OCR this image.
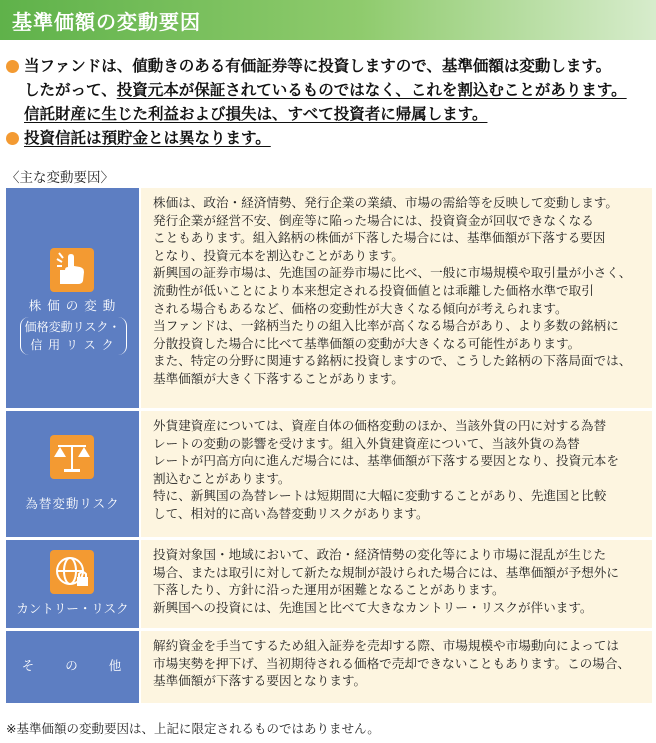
基準価額の変動要因
当ファンドは、値動きのある有価証券等に投資しますので、基準価額は変動します。
したがって、投資元本が保証されているものではなく、これを割込むことがあります。
信託財産に生じた利益および損失は、すべて投資者に帰属します。
投資信託は預貯金とは異なります。
〈主な変動要因〉
株 価 の 変 動
価格変動リスク・
信 用 リ ス ク

株価は、政治・経済情勢、発行企業の業績、市場の需給等を反映して変動します。

発行企業が経営不安、倒産等に陥った場合には、投資資金が回収できなくなる

こともあります。組入銘柄の株価が下落した場合には、基準価額が下落する要因

となり、投資元本を割込むことがあります。

新興国の証券市場は、先進国の証券市場に比べ、一般に市場規模や取引量が小さく、

流動性が低いことにより本来想定される投資価値とは乖離した価格水準で取引

される場合もあるなど、価格の変動性が大きくなる傾向が考えられます。

当ファンドは、一銘柄当たりの組入比率が高くなる場合があり、より多数の銘柄に

分散投資した場合に比べて基準価額の変動が大きくなる可能性があります。

また、特定の分野に関連する銘柄に投資しますので、こうした銘柄の下落局面では、

基準価額が大きく下落することがあります。

為替変動リスク

外貨建資産については、資産自体の価格変動のほか、当該外貨の円に対する為替

レートの変動の影響を受けます。組入外貨建資産について、当該外貨の為替

レートが円高方向に進んだ場合には、基準価額が下落する要因となり、投資元本を

割込むことがあります。

特に、新興国の為替レートは短期間に大幅に変動することがあり、先進国と比較

して、相対的に高い為替変動リスクがあります。

カントリー・リスク

投資対象国・地域において、政治・経済情勢の変化等により市場に混乱が生じた

場合、または取引に対して新たな規制が設けられた場合には、基準価額が予想外に

下落したり、方針に沿った運用が困難となることがあります。

新興国への投資には、先進国と比べて大きなカントリー・リスクが伴います。

そ　　の　　他

解約資金を手当てするため組入証券を売却する際、市場規模や市場動向によっては

市場実勢を押下げ、当初期待される価格で売却できないこともあります。この場合、

基準価額が下落する要因となります。

※基準価額の変動要因は、上記に限定されるものではありません。
